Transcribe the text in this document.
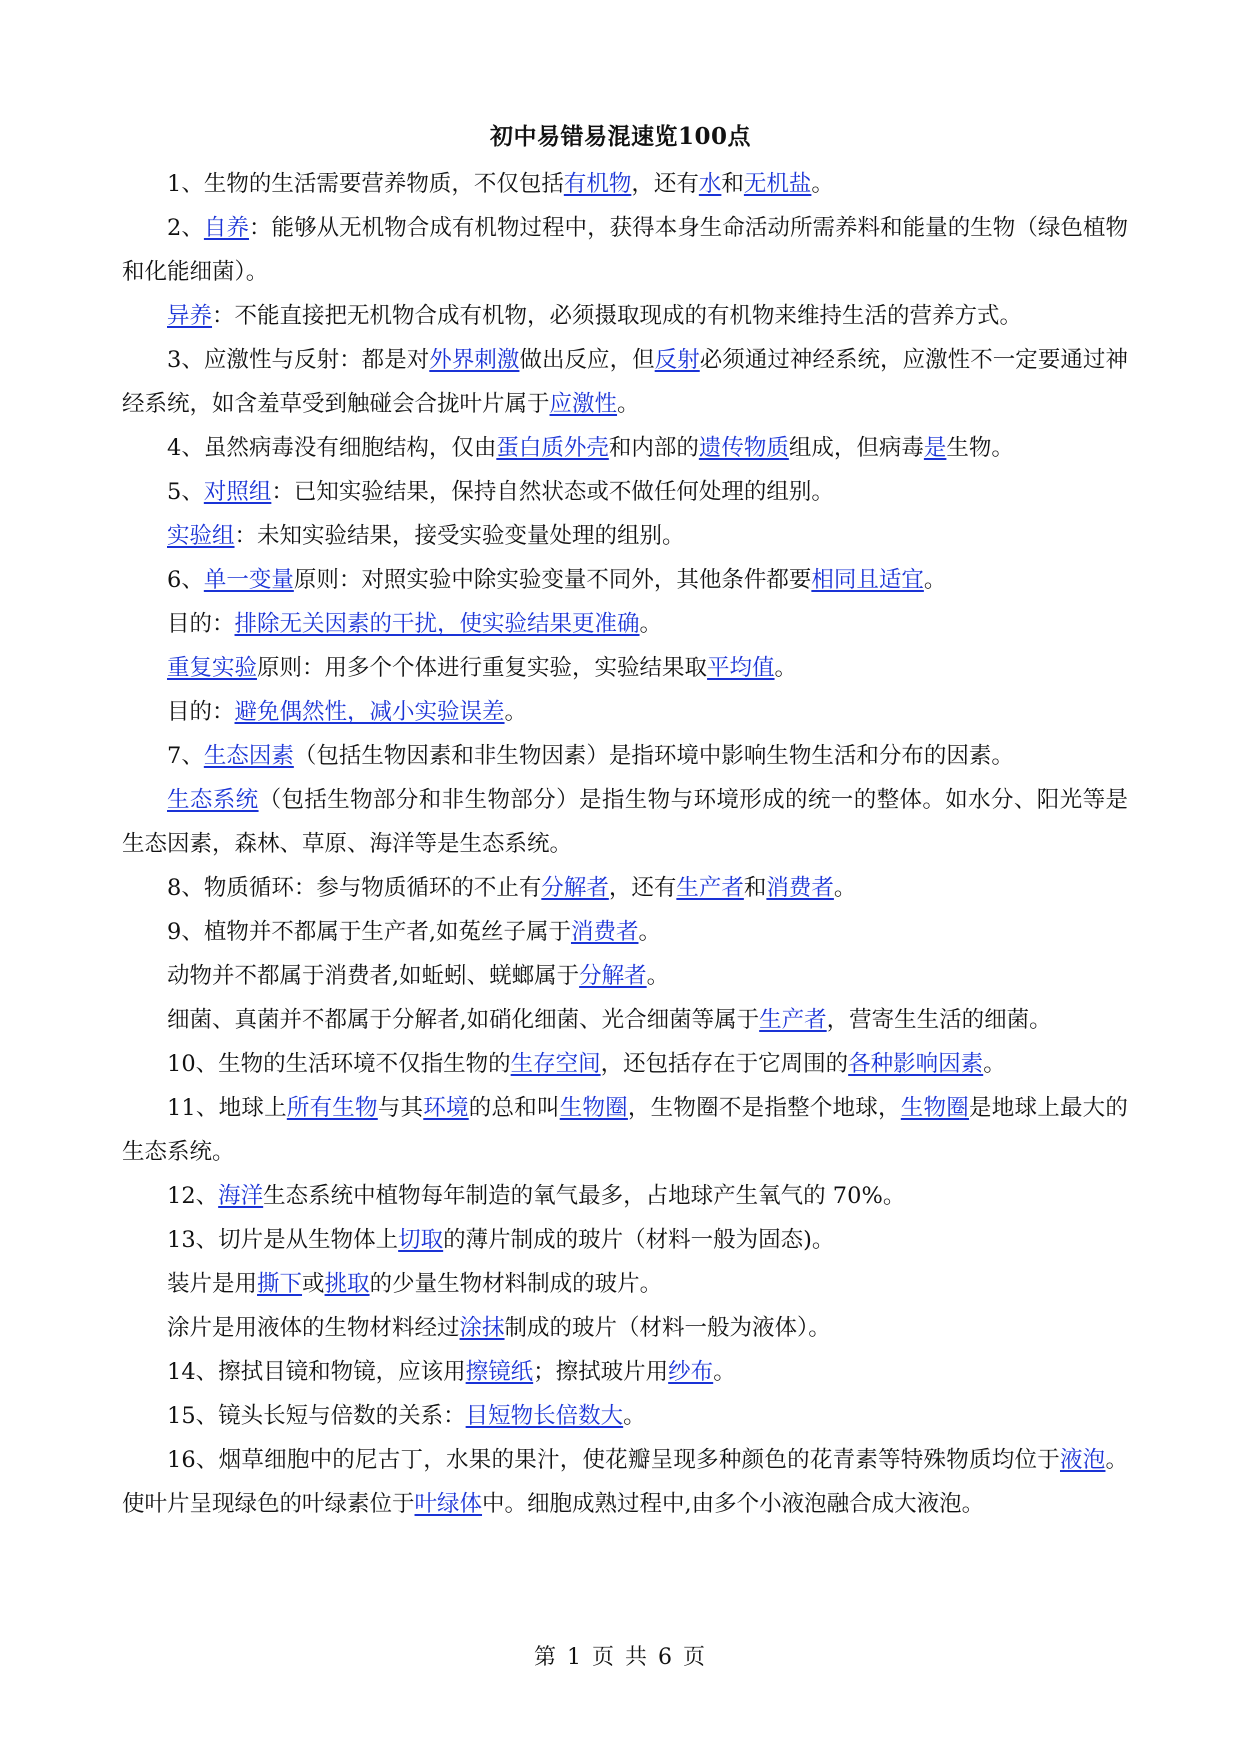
初中易错易混速览100点

1、生物的生活需要营养物质，不仅包括有机物，还有水和无机盐。

2、自养：能够从无机物合成有机物过程中，获得本身生命活动所需养料和能量的生物（绿色植物和化能细菌）。

异养：不能直接把无机物合成有机物，必须摄取现成的有机物来维持生活的营养方式。

3、应激性与反射：都是对外界刺激做出反应，但反射必须通过神经系统，应激性不一定要通过神经系统，如含羞草受到触碰会合拢叶片属于应激性。

4、虽然病毒没有细胞结构，仅由蛋白质外壳和内部的遗传物质组成，但病毒是生物。

5、对照组：已知实验结果，保持自然状态或不做任何处理的组别。

实验组：未知实验结果，接受实验变量处理的组别。

6、单一变量原则：对照实验中除实验变量不同外，其他条件都要相同且适宜。

目的：排除无关因素的干扰，使实验结果更准确。

重复实验原则：用多个个体进行重复实验，实验结果取平均值。

目的：避免偶然性，减小实验误差。

7、生态因素（包括生物因素和非生物因素）是指环境中影响生物生活和分布的因素。

生态系统（包括生物部分和非生物部分）是指生物与环境形成的统一的整体。如水分、阳光等是生态因素，森林、草原、海洋等是生态系统。

8、物质循环：参与物质循环的不止有分解者，还有生产者和消费者。

9、植物并不都属于生产者,如菟丝子属于消费者。

动物并不都属于消费者,如蚯蚓、蜣螂属于分解者。

细菌、真菌并不都属于分解者,如硝化细菌、光合细菌等属于生产者，营寄生生活的细菌。

10、生物的生活环境不仅指生物的生存空间，还包括存在于它周围的各种影响因素。

11、地球上所有生物与其环境的总和叫生物圈，生物圈不是指整个地球，生物圈是地球上最大的生态系统。

12、海洋生态系统中植物每年制造的氧气最多，占地球产生氧气的 70%。

13、切片是从生物体上切取的薄片制成的玻片（材料一般为固态)。

装片是用撕下或挑取的少量生物材料制成的玻片。

涂片是用液体的生物材料经过涂抹制成的玻片（材料一般为液体）。

14、擦拭目镜和物镜，应该用擦镜纸；擦拭玻片用纱布。

15、镜头长短与倍数的关系：目短物长倍数大。

16、烟草细胞中的尼古丁，水果的果汁，使花瓣呈现多种颜色的花青素等特殊物质均位于液泡。使叶片呈现绿色的叶绿素位于叶绿体中。细胞成熟过程中,由多个小液泡融合成大液泡。

第 1 页 共 6 页
